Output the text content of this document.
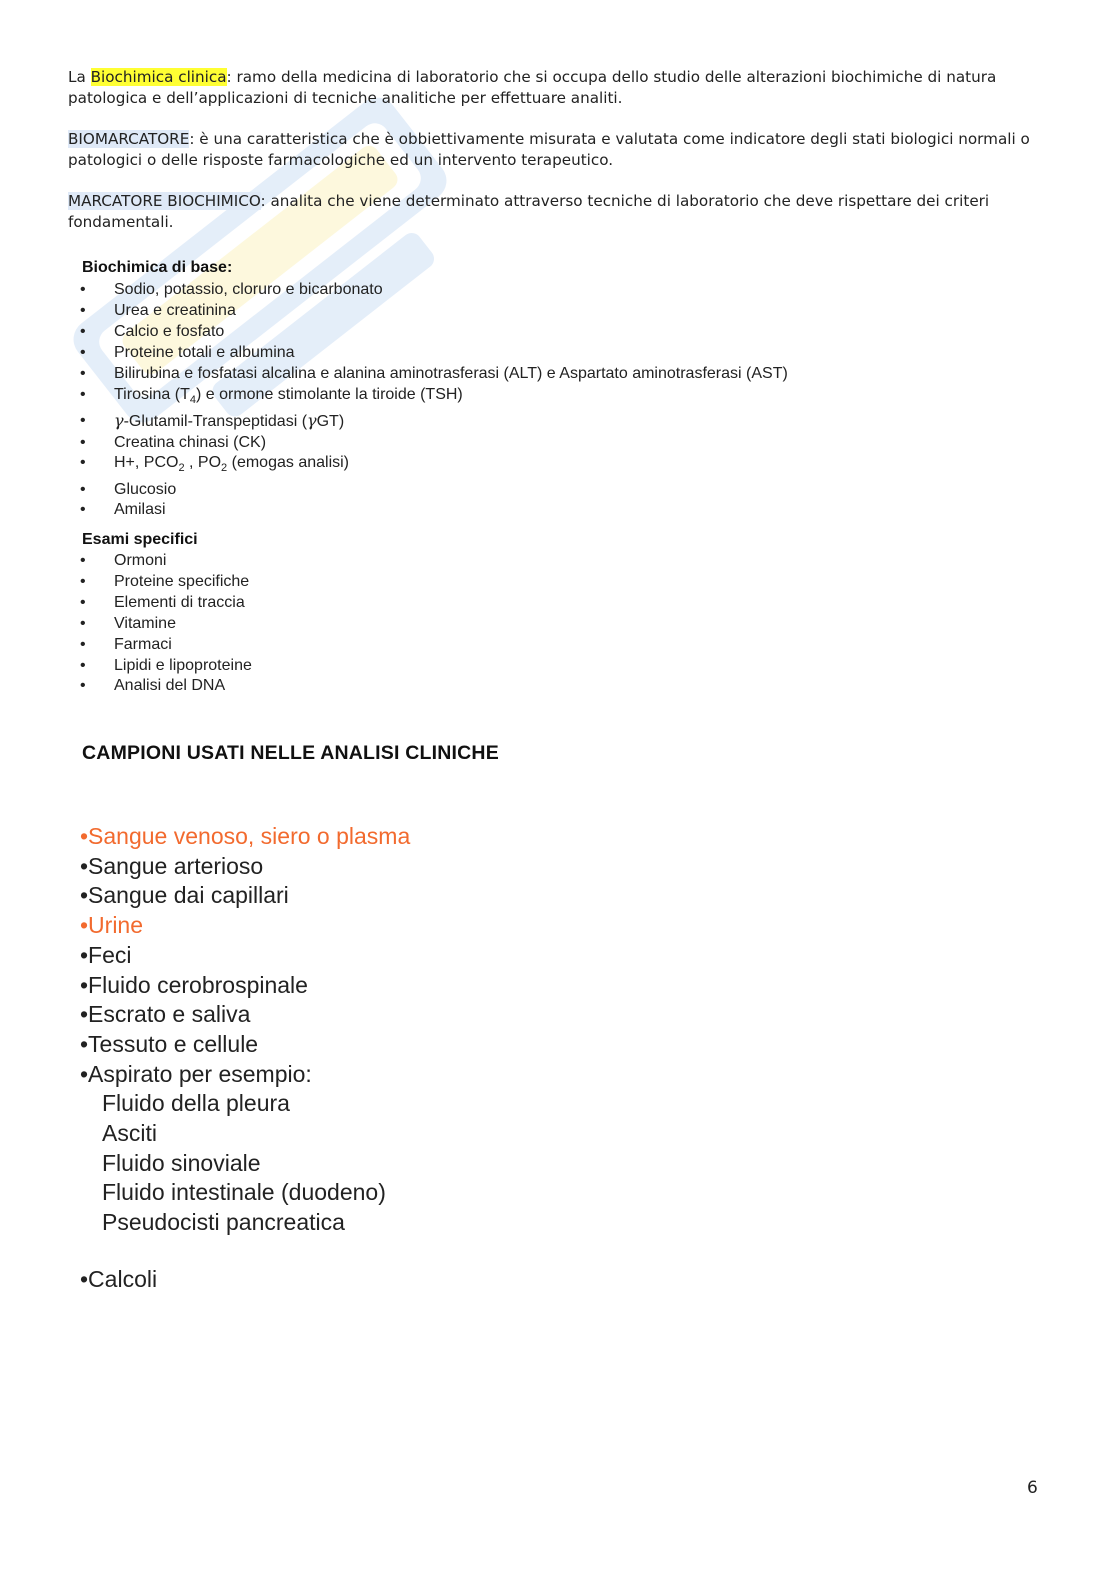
La Biochimica clinica: ramo della medicina di laboratorio che si occupa dello studio delle alterazioni biochimiche di natura patologica e dell’applicazioni di tecniche analitiche per effettuare analiti.
BIOMARCATORE: è una caratteristica che è obbiettivamente misurata e valutata come indicatore degli stati biologici normali o patologici o delle risposte farmacologiche ed un intervento terapeutico.
MARCATORE BIOCHIMICO: analita che viene determinato attraverso tecniche di laboratorio che deve rispettare dei criteri fondamentali.
Biochimica di base:
• Sodio, potassio, cloruro e bicarbonato
• Urea e creatinina
• Calcio e fosfato
• Proteine totali e albumina
• Bilirubina e fosfatasi alcalina e alanina aminotrasferasi (ALT) e Aspartato aminotrasferasi (AST)
• Tirosina $(T_4)$ e ormone stimolante la tiroide (TSH)
• γ-Glutamil-Transpeptidasi (γGT)
• Creatina chinasi (CK)
• H+, $PCO_2$ , $PO_2$ (emogas analisi)
• Glucosio
• Amilasi
Esami specifici
• Ormoni
• Proteine specifiche
• Elementi di traccia
• Vitamine
• Farmaci
• Lipidi e lipoproteine
• Analisi del DNA
CAMPIONI USATI NELLE ANALISI CLINICHE
•Sangue venoso, siero o plasma
•Sangue arterioso
•Sangue dai capillari
•Urine
•Feci
•Fluido cerobrospinale
•Escrato e saliva
•Tessuto e cellule
•Aspirato per esempio:
Fluido della pleura
Asciti
Fluido sinoviale
Fluido intestinale (duodeno)
Pseudocisti pancreatica
•Calcoli
6
